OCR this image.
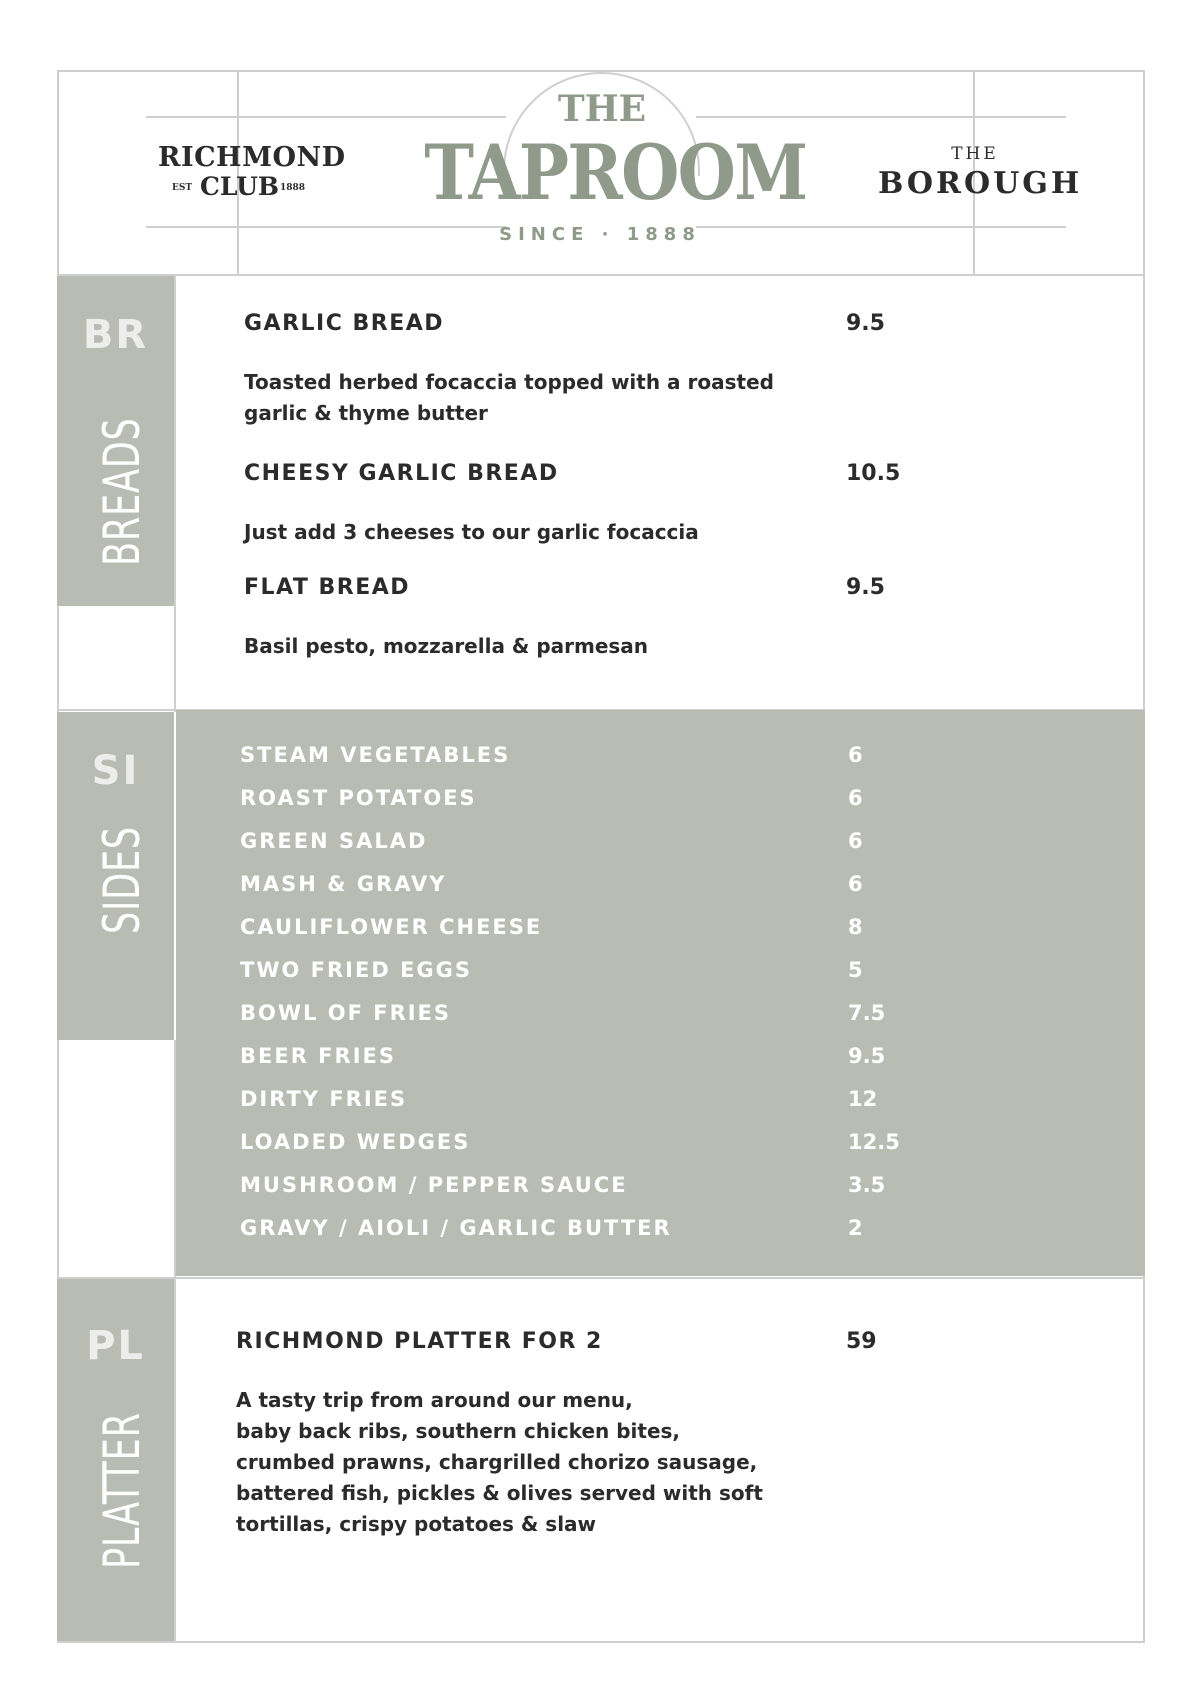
RICHMOND
EST CLUB 1888
THE
TAPROOM
SINCE · 1888
THE
BOROUGH
BR
BREADS
GARLIC BREAD	9.5
Toasted herbed focaccia topped with a roasted garlic & thyme butter
CHEESY GARLIC BREAD	10.5
Just add 3 cheeses to our garlic focaccia
FLAT BREAD	9.5
Basil pesto, mozzarella & parmesan
SI
SIDES
STEAM VEGETABLES	6
ROAST POTATOES	6
GREEN SALAD	6
MASH & GRAVY	6
CAULIFLOWER CHEESE	8
TWO FRIED EGGS	5
BOWL OF FRIES	7.5
BEER FRIES	9.5
DIRTY FRIES	12
LOADED WEDGES	12.5
MUSHROOM / PEPPER SAUCE	3.5
GRAVY / AIOLI / GARLIC BUTTER	2
PL
PLATTER
RICHMOND PLATTER FOR 2	59
A tasty trip from around our menu,
baby back ribs, southern chicken bites,
crumbed prawns, chargrilled chorizo sausage,
battered fish, pickles & olives served with soft
tortillas, crispy potatoes & slaw
